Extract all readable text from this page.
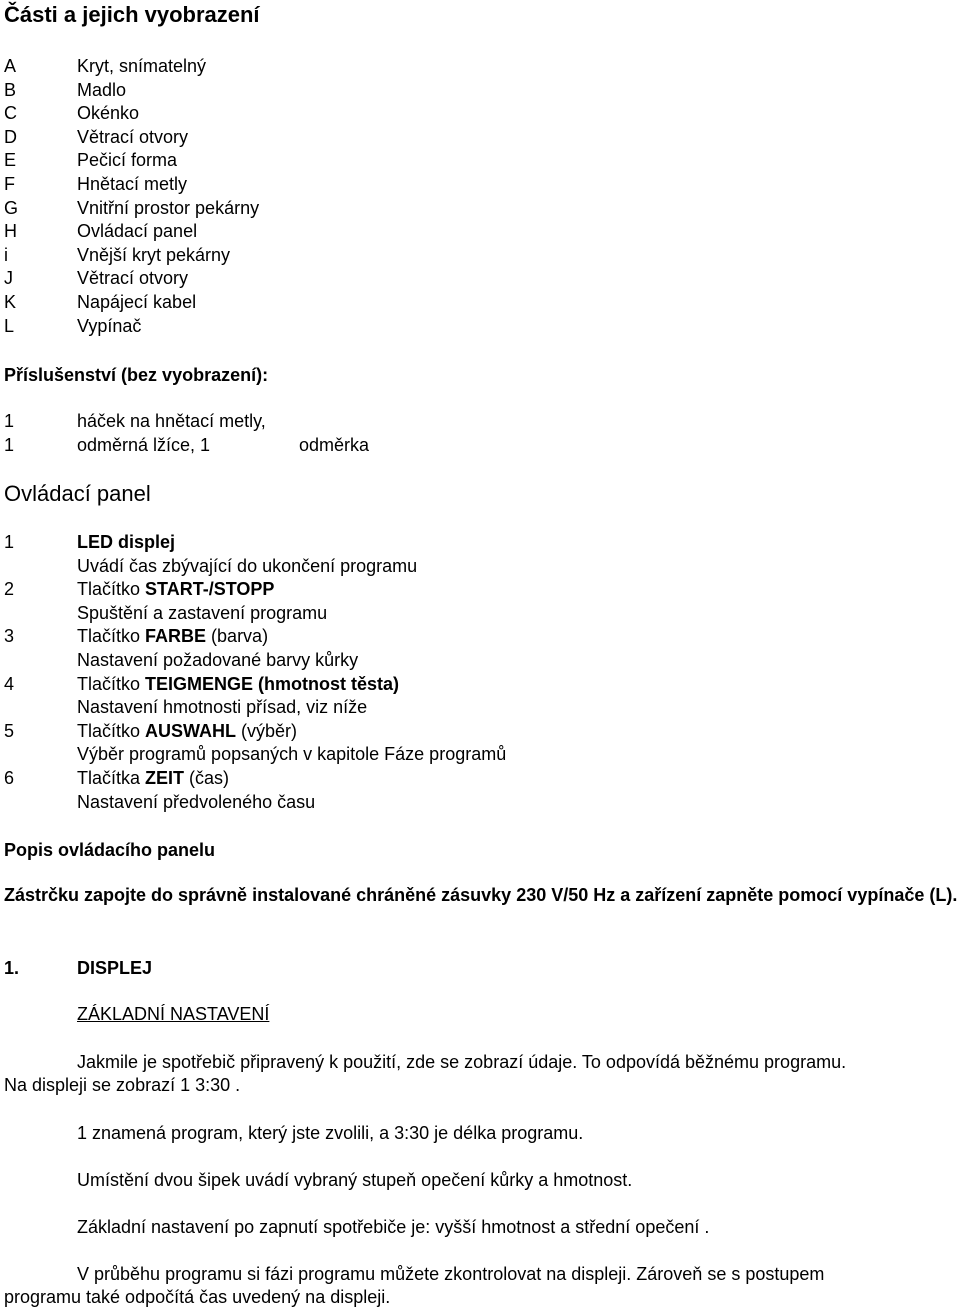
Části a jejich vyobrazení
A	Kryt, snímatelný
B	Madlo
C	Okénko
D	Větrací otvory
E	Pečicí forma
F	Hnětací metly
G	Vnitřní prostor pekárny
H	Ovládací panel
i	Vnější kryt pekárny
J	Větrací otvory
K	Napájecí kabel
L	Vypínač
Příslušenství (bez vyobrazení):
1	háček na hnětací metly,
1	odměrná lžíce, 1	odměrka
Ovládací panel
1	LED displej
Uvádí čas zbývající do ukončení programu
2	Tlačítko START-/STOPP
Spuštění a zastavení programu
3	Tlačítko FARBE (barva)
Nastavení požadované barvy kůrky
4	Tlačítko TEIGMENGE (hmotnost těsta)
Nastavení hmotnosti přísad, viz níže
5	Tlačítko AUSWAHL (výběr)
Výběr programů popsaných v kapitole Fáze programů
6	Tlačítka ZEIT (čas)
Nastavení předvoleného času
Popis ovládacího panelu
Zástrčku zapojte do správně instalované chráněné zásuvky 230 V/50 Hz a zařízení zapněte pomocí vypínače (L).
1.	DISPLEJ
ZÁKLADNÍ NASTAVENÍ
Jakmile je spotřebič připravený k použití, zde se zobrazí údaje. To odpovídá běžnému programu.
Na displeji se zobrazí 1 3:30 .
1 znamená program, který jste zvolili, a 3:30 je délka programu.
Umístění dvou šipek uvádí vybraný stupeň opečení kůrky a hmotnost.
Základní nastavení po zapnutí spotřebiče je: vyšší hmotnost a střední opečení .
V průběhu programu si fázi programu můžete zkontrolovat na displeji. Zároveň se s postupem
programu také odpočítá čas uvedený na displeji.
